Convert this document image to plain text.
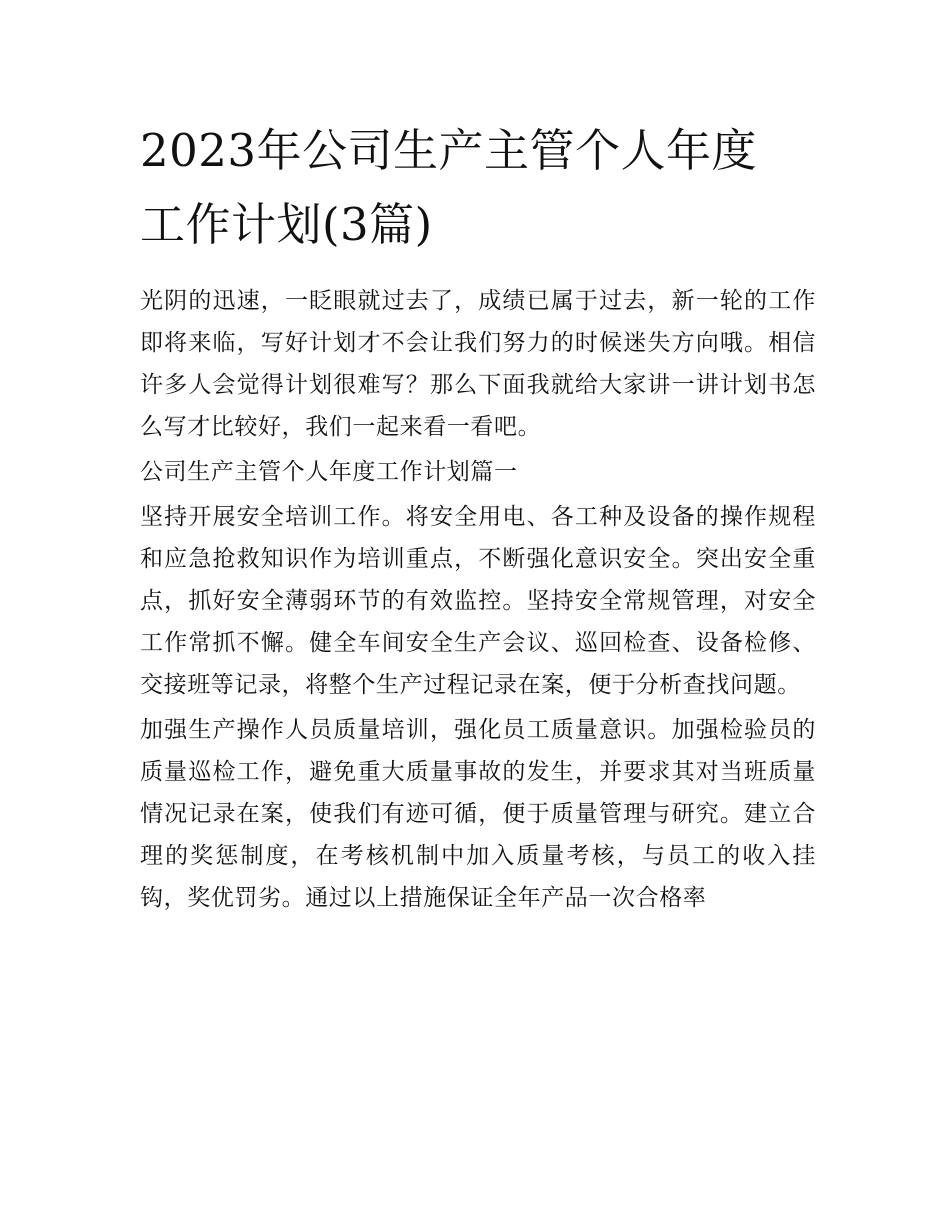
2023年公司生产主管个人年度
工作计划(3篇)

光阴的迅速，一眨眼就过去了，成绩已属于过去，新一轮的工作即将来临，写好计划才不会让我们努力的时候迷失方向哦。相信许多人会觉得计划很难写？那么下面我就给大家讲一讲计划书怎么写才比较好，我们一起来看一看吧。

公司生产主管个人年度工作计划篇一

坚持开展安全培训工作。将安全用电、各工种及设备的操作规程和应急抢救知识作为培训重点，不断强化意识安全。突出安全重点，抓好安全薄弱环节的有效监控。坚持安全常规管理，对安全工作常抓不懈。健全车间安全生产会议、巡回检查、设备检修、交接班等记录，将整个生产过程记录在案，便于分析查找问题。

加强生产操作人员质量培训，强化员工质量意识。加强检验员的质量巡检工作，避免重大质量事故的发生，并要求其对当班质量情况记录在案，使我们有迹可循，便于质量管理与研究。建立合理的奖惩制度，在考核机制中加入质量考核，与员工的收入挂钩，奖优罚劣。通过以上措施保证全年产品一次合格率
